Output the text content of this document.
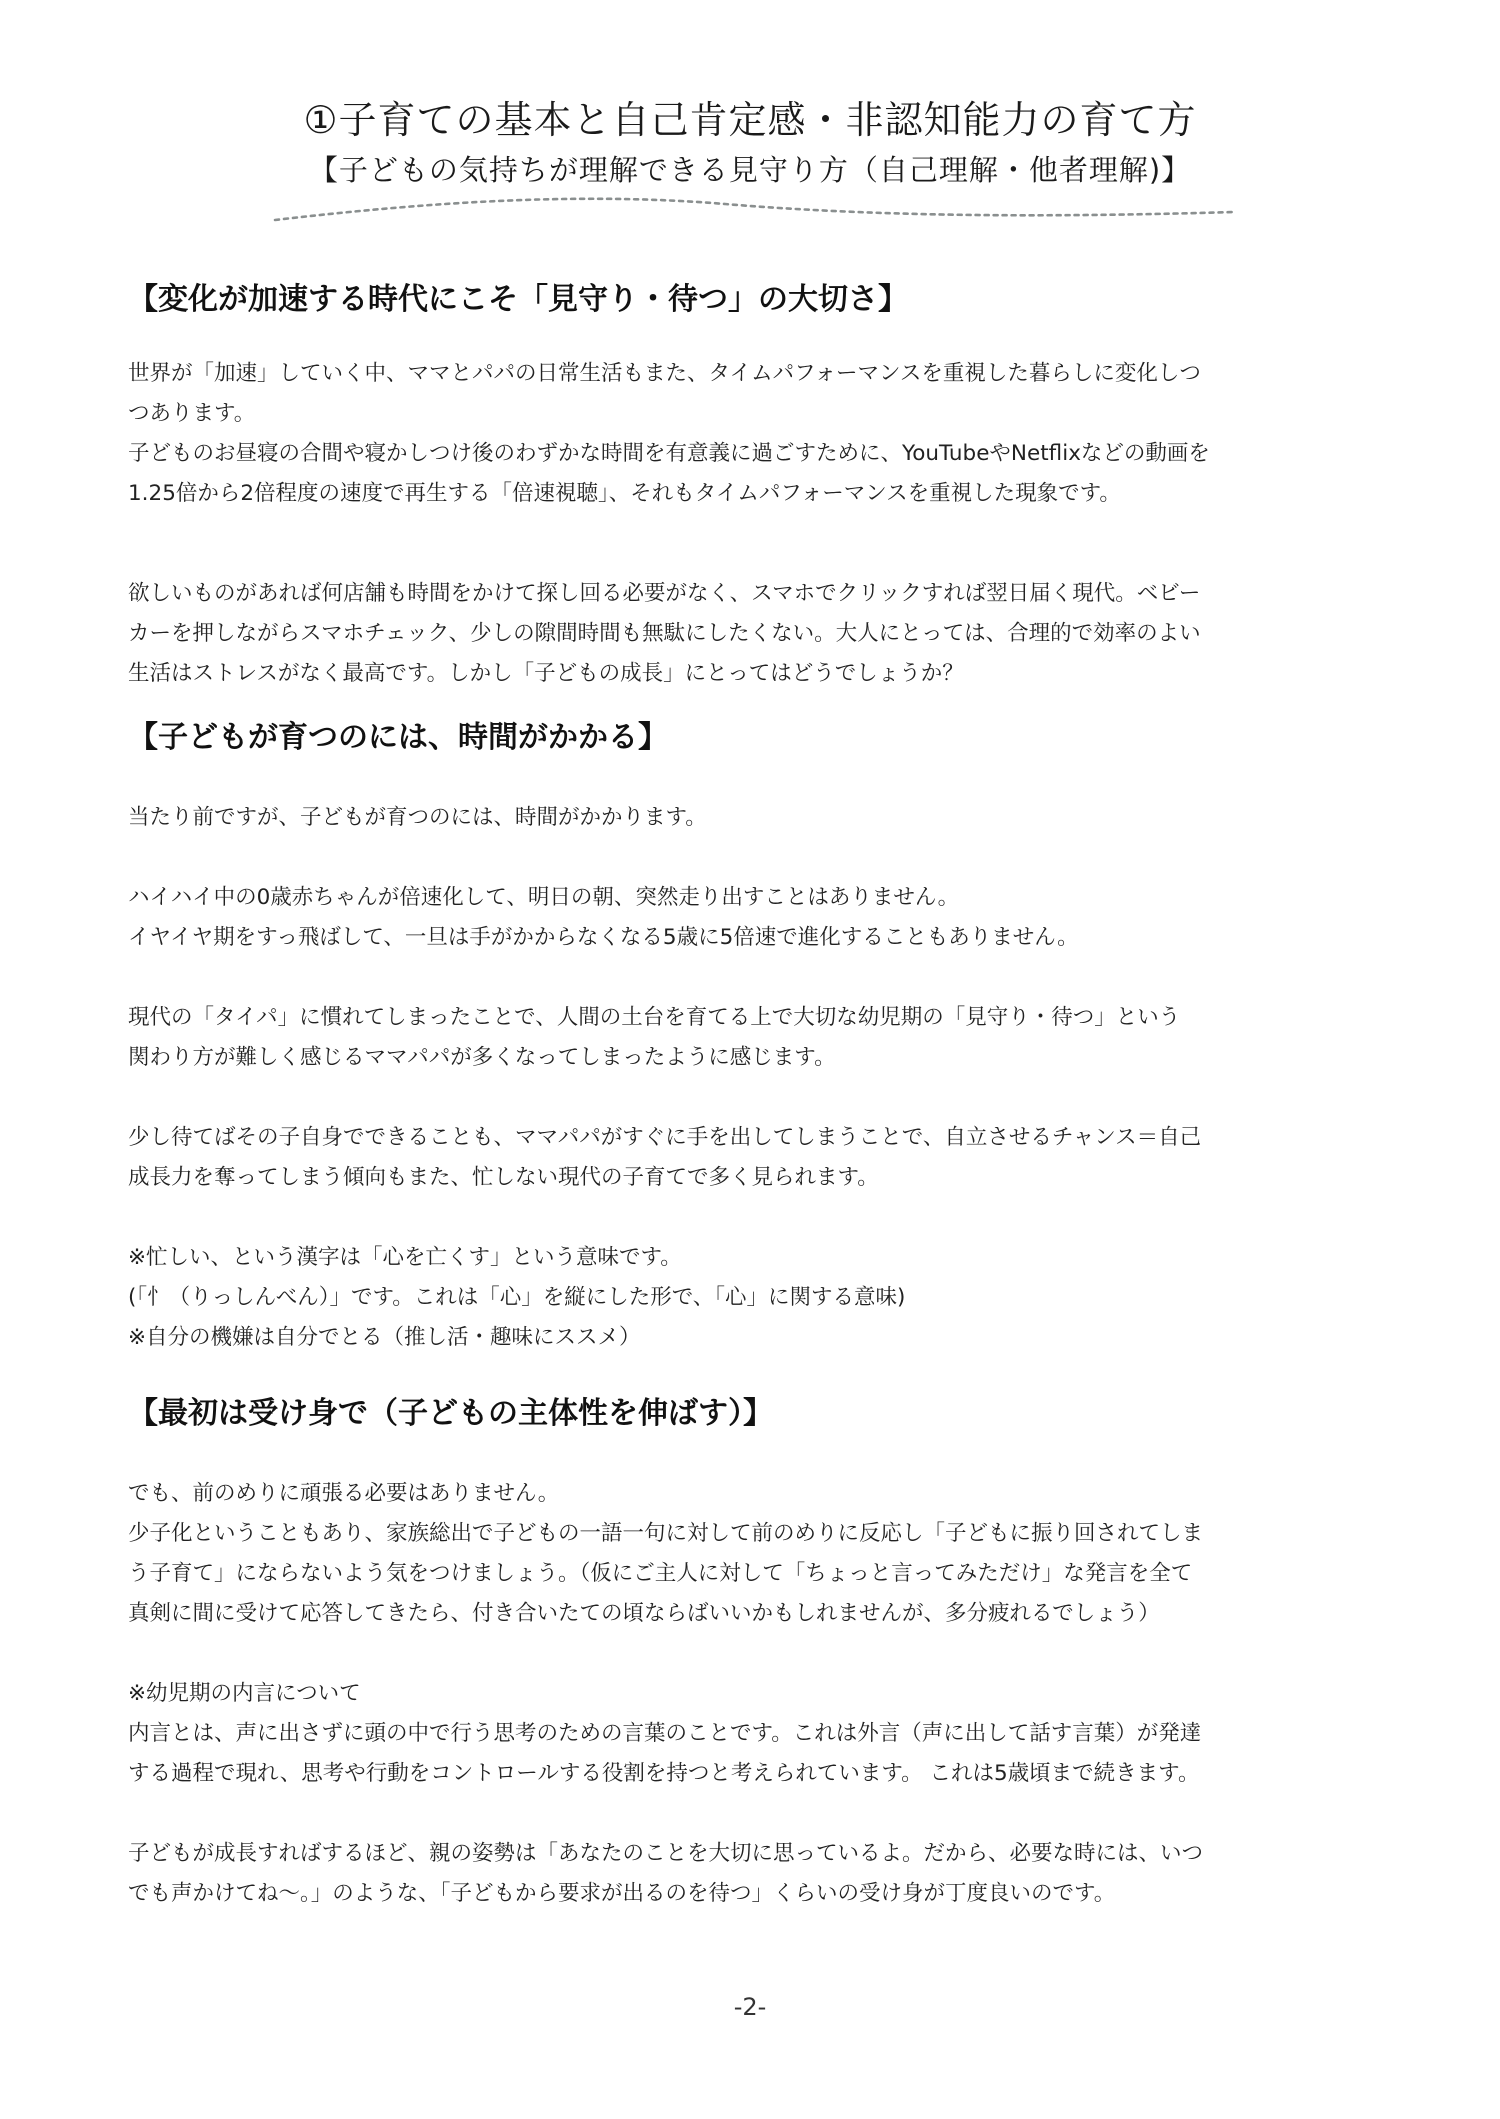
①子育ての基本と自己肯定感・非認知能力の育て方
【子どもの気持ちが理解できる見守り方（自己理解・他者理解)】
【変化が加速する時代にこそ「見守り・待つ」の大切さ】
世界が「加速」していく中、ママとパパの日常生活もまた、タイムパフォーマンスを重視した暮らしに変化しつ
つあります。
子どものお昼寝の合間や寝かしつけ後のわずかな時間を有意義に過ごすために、YouTubeやNetflixなどの動画を
1.25倍から2倍程度の速度で再生する「倍速視聴」、それもタイムパフォーマンスを重視した現象です。
欲しいものがあれば何店舗も時間をかけて探し回る必要がなく、スマホでクリックすれば翌日届く現代。ベビー
カーを押しながらスマホチェック、少しの隙間時間も無駄にしたくない。大人にとっては、合理的で効率のよい
生活はストレスがなく最高です。しかし「子どもの成長」にとってはどうでしょうか？
【子どもが育つのには、時間がかかる】
当たり前ですが、子どもが育つのには、時間がかかります。
ハイハイ中の0歳赤ちゃんが倍速化して、明日の朝、突然走り出すことはありません。
イヤイヤ期をすっ飛ばして、一旦は手がかからなくなる5歳に5倍速で進化することもありません。
現代の「タイパ」に慣れてしまったことで、人間の土台を育てる上で大切な幼児期の「見守り・待つ」という
関わり方が難しく感じるママパパが多くなってしまったように感じます。
少し待てばその子自身でできることも、ママパパがすぐに手を出してしまうことで、自立させるチャンス＝自己
成長力を奪ってしまう傾向もまた、忙しない現代の子育てで多く見られます。
※忙しい、という漢字は「心を亡くす」という意味です。
(「忄（りっしんべん）」です。これは「心」を縦にした形で、「心」に関する意味)
※自分の機嫌は自分でとる（推し活・趣味にススメ）
【最初は受け身で（子どもの主体性を伸ばす）】
でも、前のめりに頑張る必要はありません。
少子化ということもあり、家族総出で子どもの一語一句に対して前のめりに反応し「子どもに振り回されてしま
う子育て」にならないよう気をつけましょう。（仮にご主人に対して「ちょっと言ってみただけ」な発言を全て
真剣に間に受けて応答してきたら、付き合いたての頃ならばいいかもしれませんが、多分疲れるでしょう）
※幼児期の内言について
内言とは、声に出さずに頭の中で行う思考のための言葉のことです。これは外言（声に出して話す言葉）が発達
する過程で現れ、思考や行動をコントロールする役割を持つと考えられています。 これは5歳頃まで続きます。
子どもが成長すればするほど、親の姿勢は「あなたのことを大切に思っているよ。だから、必要な時には、いつ
でも声かけてね〜。」のような、「子どもから要求が出るのを待つ」くらいの受け身が丁度良いのです。
-2-
